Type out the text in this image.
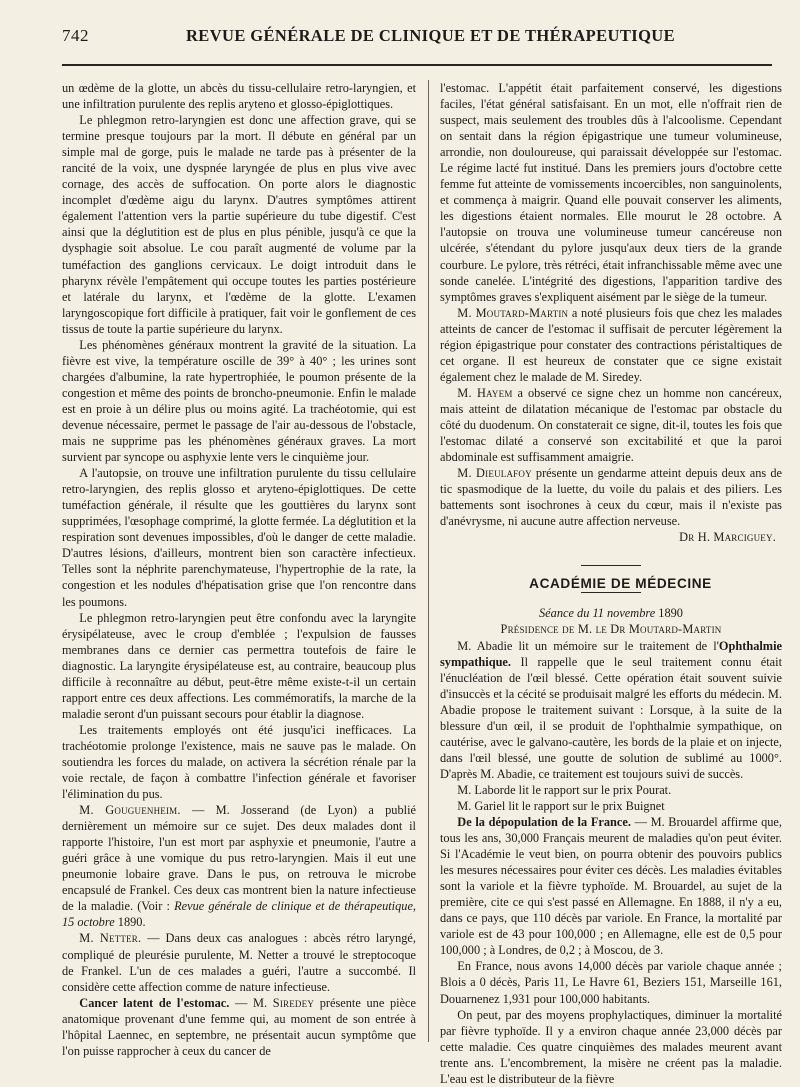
742	REVUE GÉNÉRALE DE CLINIQUE ET DE THÉRAPEUTIQUE

un œdème de la glotte, un abcès du tissu-cellulaire retro-laryngien, et une infiltration purulente des replis aryteno et glosso-épiglottiques.

Le phlegmon retro-laryngien est donc une affection grave, qui se termine presque toujours par la mort. Il débute en général par un simple mal de gorge, puis le malade ne tarde pas à présenter de la rancité de la voix, une dyspnée laryngée de plus en plus vive avec cornage, des accès de suffocation. On porte alors le diagnostic incomplet d'œdème aigu du larynx. D'autres symptômes attirent également l'attention vers la partie supérieure du tube digestif. C'est ainsi que la déglutition est de plus en plus pénible, jusqu'à ce que la dysphagie soit absolue. Le cou paraît augmenté de volume par la tuméfaction des ganglions cervicaux. Le doigt introduit dans le pharynx révèle l'empâtement qui occupe toutes les parties postérieure et latérale du larynx, et l'œdème de la glotte. L'examen laryngoscopique fort difficile à pratiquer, fait voir le gonflement de ces tissus de toute la partie supérieure du larynx.

Les phénomènes généraux montrent la gravité de la situation. La fièvre est vive, la température oscille de 39° à 40° ; les urines sont chargées d'albumine, la rate hypertrophiée, le poumon présente de la congestion et même des points de broncho-pneumonie. Enfin le malade est en proie à un délire plus ou moins agité. La trachéotomie, qui est devenue nécessaire, permet le passage de l'air au-dessous de l'obstacle, mais ne supprime pas les phénomènes généraux graves. La mort survient par syncope ou asphyxie lente vers le cinquième jour.

A l'autopsie, on trouve une infiltration purulente du tissu cellulaire retro-laryngien, des replis glosso et aryteno-épiglottiques. De cette tuméfaction générale, il résulte que les gouttières du larynx sont supprimées, l'œsophage comprimé, la glotte fermée. La déglutition et la respiration sont devenues impossibles, d'où le danger de cette maladie. D'autres lésions, d'ailleurs, montrent bien son caractère infectieux. Telles sont la néphrite parenchymateuse, l'hypertrophie de la rate, la congestion et les nodules d'hépatisation grise que l'on rencontre dans les poumons.

Le phlegmon retro-laryngien peut être confondu avec la laryngite érysipélateuse, avec le croup d'emblée ; l'expulsion de fausses membranes dans ce dernier cas permettra toutefois de faire le diagnostic. La laryngite érysipélateuse est, au contraire, beaucoup plus difficile à reconnaître au début, peut-être même existe-t-il un certain rapport entre ces deux affections. Les commémoratifs, la marche de la maladie seront d'un puissant secours pour établir la diagnose.

Les traitements employés ont été jusqu'ici inefficaces. La trachéotomie prolonge l'existence, mais ne sauve pas le malade. On soutiendra les forces du malade, on activera la sécrétion rénale par la voie rectale, de façon à combattre l'infection générale et favoriser l'élimination du pus.

M. Gouguenheim. — M. Josserand (de Lyon) a publié dernièrement un mémoire sur ce sujet. Des deux malades dont il rapporte l'histoire, l'un est mort par asphyxie et pneumonie, l'autre a guéri grâce à une vomique du pus retro-laryngien. Mais il eut une pneumonie lobaire grave. Dans le pus, on retrouva le microbe encapsulé de Frankel. Ces deux cas montrent bien la nature infectieuse de la maladie. (Voir : Revue générale de clinique et de thérapeutique, 15 octobre 1890.

M. Netter. — Dans deux cas analogues : abcès rétro laryngé, compliqué de pleurésie purulente, M. Netter a trouvé le streptocoque de Frankel. L'un de ces malades a guéri, l'autre a succombé. Il considère cette affection comme de nature infectieuse.

Cancer latent de l'estomac. — M. Siredey présente une pièce anatomique provenant d'une femme qui, au moment de son entrée à l'hôpital Laennec, en septembre, ne présentait aucun symptôme que l'on puisse rapprocher à ceux du cancer de

l'estomac. L'appétit était parfaitement conservé, les digestions faciles, l'état général satisfaisant. En un mot, elle n'offrait rien de suspect, mais seulement des troubles dûs à l'alcoolisme. Cependant on sentait dans la région épigastrique une tumeur volumineuse, arrondie, non douloureuse, qui paraissait développée sur l'estomac. Le régime lacté fut institué. Dans les premiers jours d'octobre cette femme fut atteinte de vomissements incoercibles, non sanguinolents, et commença à maigrir. Quand elle pouvait conserver les aliments, les digestions étaient normales. Elle mourut le 28 octobre. A l'autopsie on trouva une volumineuse tumeur cancéreuse non ulcérée, s'étendant du pylore jusqu'aux deux tiers de la grande courbure. Le pylore, très rétréci, était infranchissable même avec une sonde canelée. L'intégrité des digestions, l'apparition tardive des symptômes graves s'expliquent aisément par le siège de la tumeur.

M. Moutard-Martin a noté plusieurs fois que chez les malades atteints de cancer de l'estomac il suffisait de percuter légèrement la région épigastrique pour constater des contractions péristaltiques de cet organe. Il est heureux de constater que ce signe existait également chez le malade de M. Siredey.

M. Hayem a observé ce signe chez un homme non cancéreux, mais atteint de dilatation mécanique de l'estomac par obstacle du côté du duodenum. On constaterait ce signe, dit-il, toutes les fois que l'estomac dilaté a conservé son excitabilité et que la paroi abdominale est suffisamment amaigrie.

M. Dieulafoy présente un gendarme atteint depuis deux ans de tic spasmodique de la luette, du voile du palais et des piliers. Les battements sont isochrones à ceux du cœur, mais il n'existe pas d'anévrysme, ni aucune autre affection nerveuse.

Dr H. Marciguey.

ACADÉMIE DE MÉDECINE

Séance du 11 novembre 1890

Présidence de M. le Dr Moutard-Martin

M. Abadie lit un mémoire sur le traitement de l'Ophthalmie sympathique. Il rappelle que le seul traitement connu était l'énucléation de l'œil blessé. Cette opération était souvent suivie d'insuccès et la cécité se produisait malgré les efforts du médecin. M. Abadie propose le traitement suivant : Lorsque, à la suite de la blessure d'un œil, il se produit de l'ophthalmie sympathique, on cautérise, avec le galvano-cautère, les bords de la plaie et on injecte, dans l'œil blessé, une goutte de solution de sublimé au 1000°. D'après M. Abadie, ce traitement est toujours suivi de succès.

M. Laborde lit le rapport sur le prix Pourat.

M. Gariel lit le rapport sur le prix Buignet

De la dépopulation de la France. — M. Brouardel affirme que, tous les ans, 30,000 Français meurent de maladies qu'on peut éviter. Si l'Académie le veut bien, on pourra obtenir des pouvoirs publics les mesures nécessaires pour éviter ces décès. Les maladies évitables sont la variole et la fièvre typhoïde. M. Brouardel, au sujet de la première, cite ce qui s'est passé en Allemagne. En 1888, il n'y a eu, dans ce pays, que 110 décès par variole. En France, la mortalité par variole est de 43 pour 100,000 ; en Allemagne, elle est de 0,5 pour 100,000 ; à Londres, de 0,2 ; à Moscou, de 3.

En France, nous avons 14,000 décès par variole chaque année ; Blois a 0 décès, Paris 11, Le Havre 61, Beziers 151, Marseille 161, Douarnenez 1,931 pour 100,000 habitants.

On peut, par des moyens prophylactiques, diminuer la mortalité par fièvre typhoïde. Il y a environ chaque année 23,000 décès par cette maladie. Ces quatre cinquièmes des malades meurent avant trente ans. L'encombrement, la misère ne créent pas la maladie. L'eau est le distributeur de la fièvre
